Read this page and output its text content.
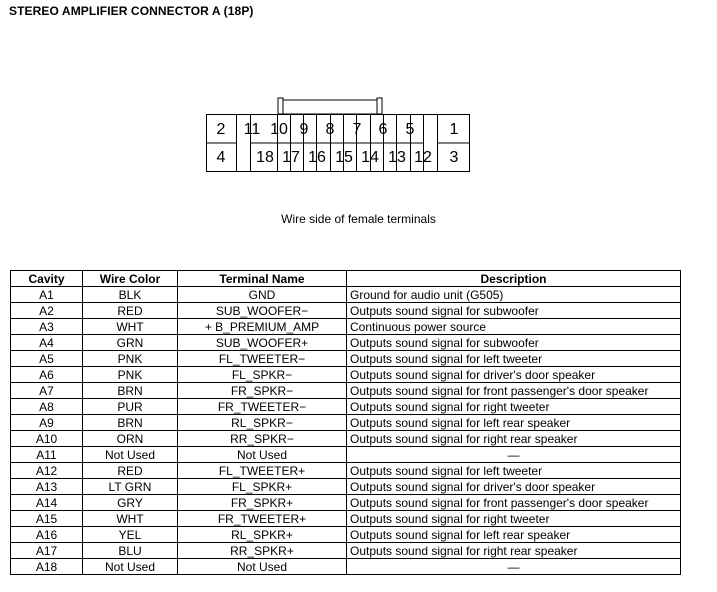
STEREO AMPLIFIER CONNECTOR A (18P)
2	11 10 9	8	7	6	5	1
4	18 17 16 15 14 13 12	3
Wire side of female terminals
Cavity	Wire Color	Terminal Name	Description
A1	BLK	GND	Ground for audio unit (G505)
A2	RED	SUB_WOOFER−	Outputs sound signal for subwoofer
A3	WHT	+ B_PREMIUM_AMP	Continuous power source
A4	GRN	SUB_WOOFER+	Outputs sound signal for subwoofer
A5	PNK	FL_TWEETER−	Outputs sound signal for left tweeter
A6	PNK	FL_SPKR−	Outputs sound signal for driver's door speaker
A7	BRN	FR_SPKR−	Outputs sound signal for front passenger's door speaker
A8	PUR	FR_TWEETER−	Outputs sound signal for right tweeter
A9	BRN	RL_SPKR−	Outputs sound signal for left rear speaker
A10	ORN	RR_SPKR−	Outputs sound signal for right rear speaker
A11	Not Used	Not Used	—
A12	RED	FL_TWEETER+	Outputs sound signal for left tweeter
A13	LT GRN	FL_SPKR+	Outputs sound signal for driver's door speaker
A14	GRY	FR_SPKR+	Outputs sound signal for front passenger's door speaker
A15	WHT	FR_TWEETER+	Outputs sound signal for right tweeter
A16	YEL	RL_SPKR+	Outputs sound signal for left rear speaker
A17	BLU	RR_SPKR+	Outputs sound signal for right rear speaker
A18	Not Used	Not Used	—
